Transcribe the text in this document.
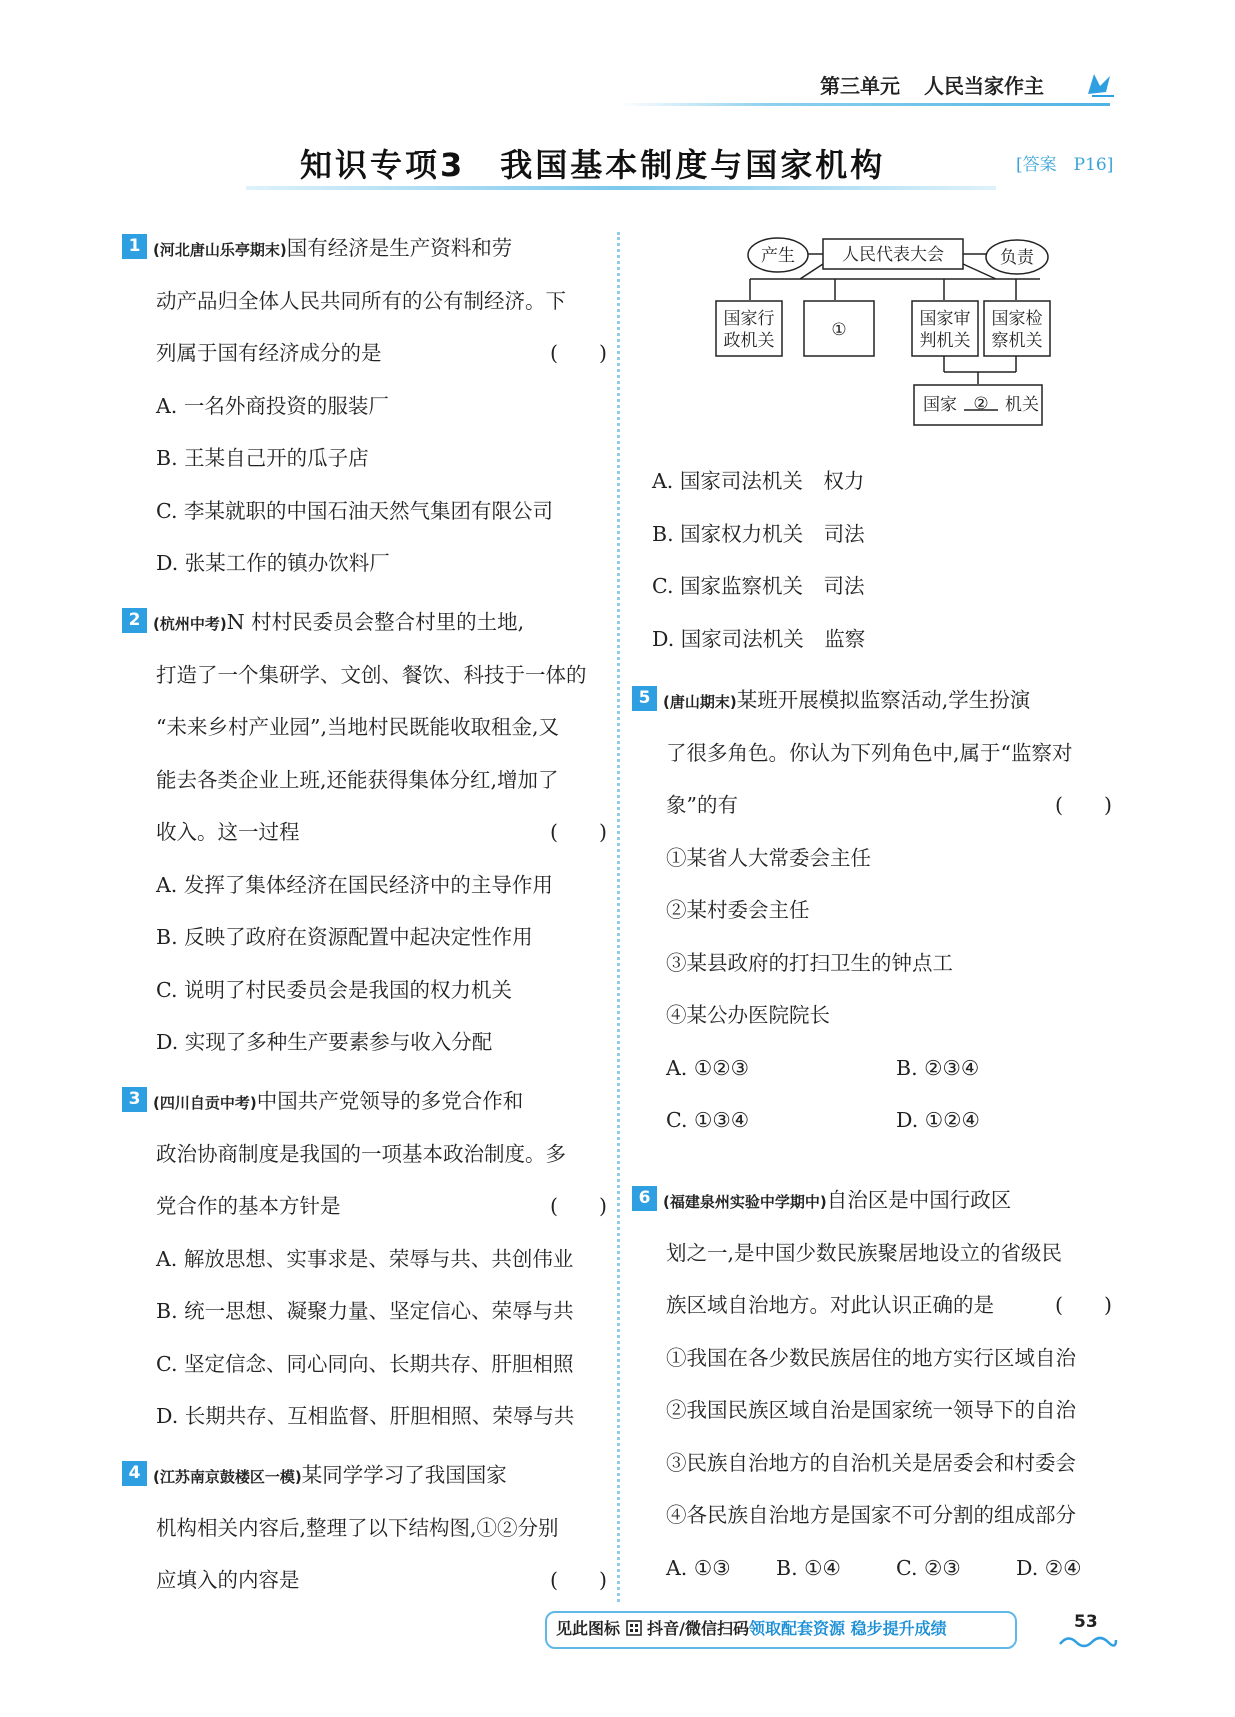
第三单元 人民当家作主
知识专项3　我国基本制度与国家机构	[答案　P16]
1 (河北唐山乐亭期末)国有经济是生产资料和劳
动产品归全体人民共同所有的公有制经济。下
列属于国有经济成分的是	(　　)
A. 一名外商投资的服装厂
B. 王某自己开的瓜子店
C. 李某就职的中国石油天然气集团有限公司
D. 张某工作的镇办饮料厂
2 (杭州中考)N 村村民委员会整合村里的土地,
打造了一个集研学、文创、餐饮、科技于一体的
“未来乡村产业园”,当地村民既能收取租金,又
能去各类企业上班,还能获得集体分红,增加了
收入。这一过程	(　　)
A. 发挥了集体经济在国民经济中的主导作用
B. 反映了政府在资源配置中起决定性作用
C. 说明了村民委员会是我国的权力机关
D. 实现了多种生产要素参与收入分配
3 (四川自贡中考)中国共产党领导的多党合作和
政治协商制度是我国的一项基本政治制度。多
党合作的基本方针是	(　　)
A. 解放思想、实事求是、荣辱与共、共创伟业
B. 统一思想、凝聚力量、坚定信心、荣辱与共
C. 坚定信念、同心同向、长期共存、肝胆相照
D. 长期共存、互相监督、肝胆相照、荣辱与共
4 (江苏南京鼓楼区一模)某同学学习了我国国家
机构相关内容后,整理了以下结构图,①②分别
应填入的内容是	(　　)
产生	负责
人民代表大会
国家行
政机关
①
国家审
判机关
国家检
察机关
国家 ② 机关
A. 国家司法机关　权力
B. 国家权力机关　司法
C. 国家监察机关　司法
D. 国家司法机关　监察
5 (唐山期末)某班开展模拟监察活动,学生扮演
了很多角色。你认为下列角色中,属于“监察对
象”的有	(　　)
①某省人大常委会主任
②某村委会主任
③某县政府的打扫卫生的钟点工
④某公办医院院长
A. ①②③	B. ②③④
C. ①③④	D. ①②④
6 (福建泉州实验中学期中)自治区是中国行政区
划之一,是中国少数民族聚居地设立的省级民
族区域自治地方。对此认识正确的是	(　　)
①我国在各少数民族居住的地方实行区域自治
②我国民族区域自治是国家统一领导下的自治
③民族自治地方的自治机关是居委会和村委会
④各民族自治地方是国家不可分割的组成部分
A. ①③ B. ①④	C. ②③	D. ②④
见此图标 抖音/微信扫码领取配套资源 稳步提升成绩	53
